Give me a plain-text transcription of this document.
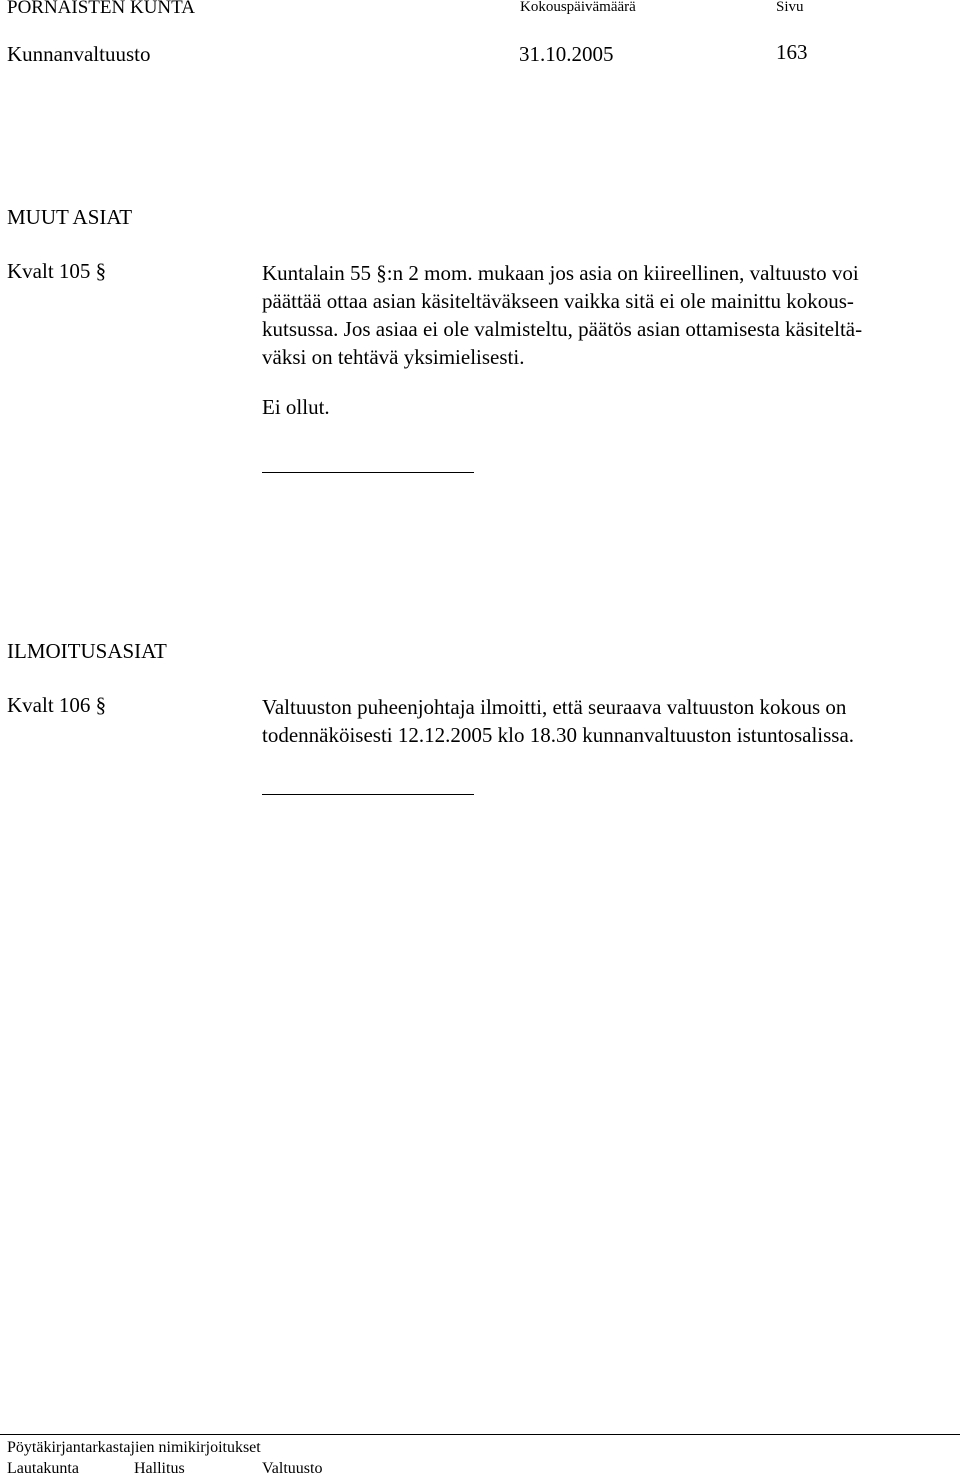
PORNAISTEN KUNTA	Kokouspäivämäärä	Sivu
Kunnanvaltuusto	31.10.2005	163
MUUT ASIAT
Kvalt 105 §	Kuntalain 55 §:n 2 mom. mukaan jos asia on kiireellinen, valtuusto voi
päättää ottaa asian käsiteltäväkseen vaikka sitä ei ole mainittu kokous-
kutsussa. Jos asiaa ei ole valmisteltu, päätös asian ottamisesta käsiteltä-
väksi on tehtävä yksimielisesti.
Ei ollut.
ILMOITUSASIAT
Kvalt 106 §	Valtuuston puheenjohtaja ilmoitti, että seuraava valtuuston kokous on
todennäköisesti 12.12.2005 klo 18.30 kunnanvaltuuston istuntosalissa.
Pöytäkirjantarkastajien nimikirjoitukset
Lautakunta	Hallitus	Valtuusto
